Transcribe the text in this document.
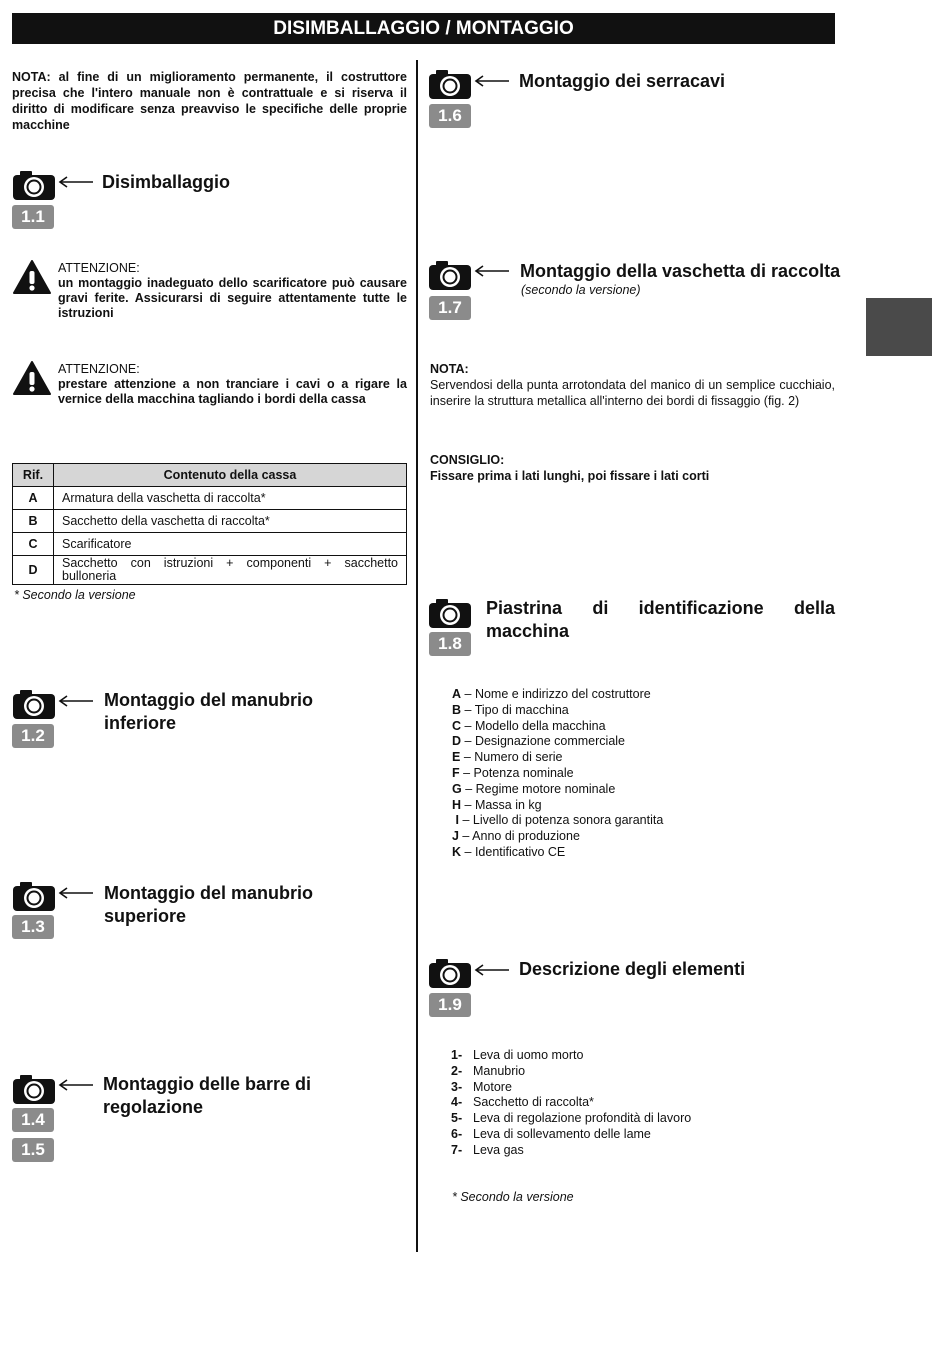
DISIMBALLAGGIO / MONTAGGIO
NOTA: al fine di un miglioramento permanente, il costruttore precisa che l'intero manuale non è contrattuale e si riserva il diritto di modificare senza preavviso le specifiche delle proprie macchine
1.1
Disimballaggio
ATTENZIONE:
un montaggio inadeguato dello scarificatore può causare gravi ferite. Assicurarsi di seguire attentamente tutte le istruzioni
ATTENZIONE:
prestare attenzione a non tranciare i cavi o a rigare la vernice della macchina tagliando i bordi della cassa
Rif.	Contenuto della cassa
A	Armatura della vaschetta di raccolta*
B	Sacchetto della vaschetta di raccolta*
C	Scarificatore
D	Sacchetto con istruzioni + componenti + sacchetto bulloneria
* Secondo la versione
1.2
Montaggio del manubrio inferiore
1.3
Montaggio del manubrio superiore
1.4
1.5
Montaggio delle barre di regolazione
1.6
Montaggio dei serracavi
1.7
Montaggio della vaschetta di raccolta
(secondo la versione)
NOTA:
Servendosi della punta arrotondata del manico di un semplice cucchiaio, inserire la struttura metallica all'interno dei bordi di fissaggio (fig. 2)
CONSIGLIO:
Fissare prima i lati lunghi, poi fissare i lati corti
1.8
Piastrina di identificazione della macchina
A – Nome e indirizzo del costruttore
B – Tipo di macchina
C – Modello della macchina
D – Designazione commerciale
E – Numero di serie
F – Potenza nominale
G – Regime motore nominale
H – Massa in kg
I – Livello di potenza sonora garantita
J – Anno di produzione
K – Identificativo CE
1.9
Descrizione degli elementi
1- Leva di uomo morto
2- Manubrio
3- Motore
4- Sacchetto di raccolta*
5- Leva di regolazione profondità di lavoro
6- Leva di sollevamento delle lame
7- Leva gas
* Secondo la versione
